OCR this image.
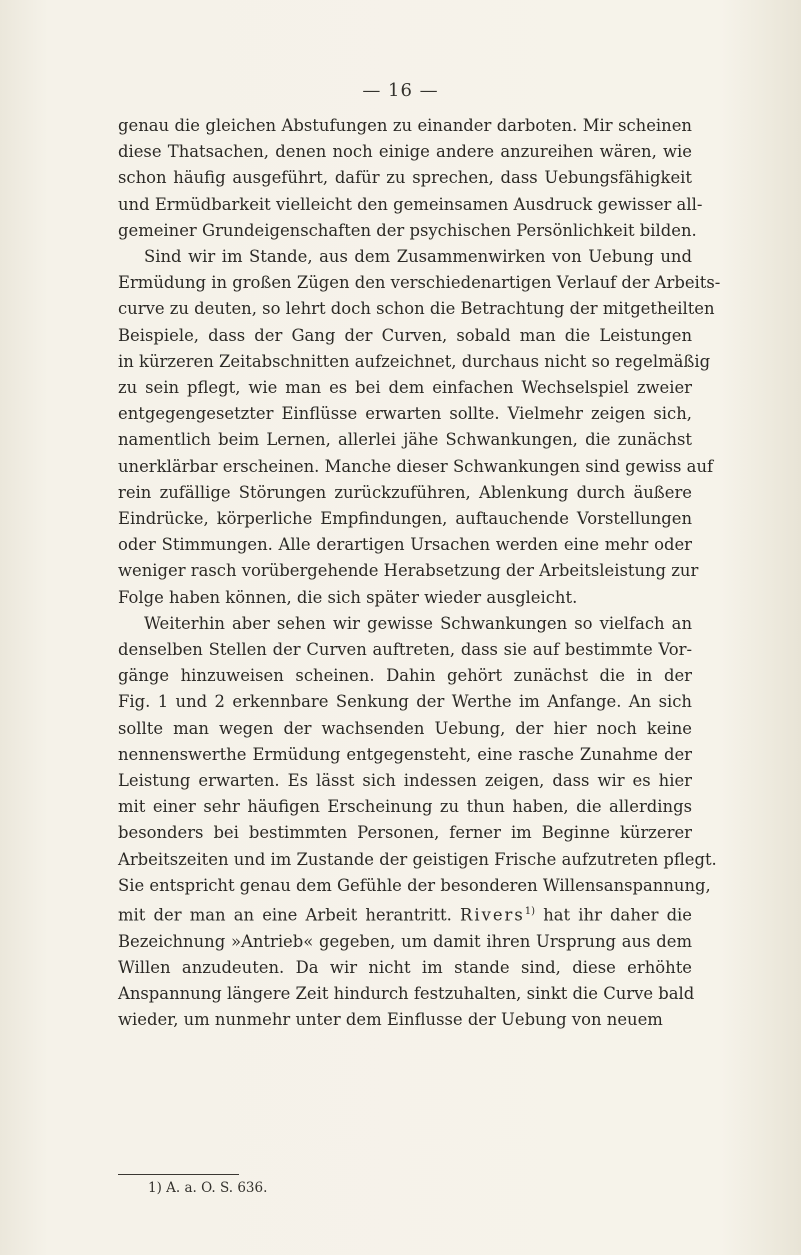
— 16 —
genau die gleichen Abstufungen zu einander darboten. Mir scheinen
diese Thatsachen, denen noch einige andere anzureihen wären, wie
schon häufig ausgeführt, dafür zu sprechen, dass Uebungsfähigkeit
und Ermüdbarkeit vielleicht den gemeinsamen Ausdruck gewisser all-
gemeiner Grundeigenschaften der psychischen Persönlichkeit bilden.
Sind wir im Stande, aus dem Zusammenwirken von Uebung und
Ermüdung in großen Zügen den verschiedenartigen Verlauf der Arbeits-
curve zu deuten, so lehrt doch schon die Betrachtung der mitgetheilten
Beispiele, dass der Gang der Curven, sobald man die Leistungen
in kürzeren Zeitabschnitten aufzeichnet, durchaus nicht so regelmäßig
zu sein pflegt, wie man es bei dem einfachen Wechselspiel zweier
entgegengesetzter Einflüsse erwarten sollte. Vielmehr zeigen sich,
namentlich beim Lernen, allerlei jähe Schwankungen, die zunächst
unerklärbar erscheinen. Manche dieser Schwankungen sind gewiss auf
rein zufällige Störungen zurückzuführen, Ablenkung durch äußere
Eindrücke, körperliche Empfindungen, auftauchende Vorstellungen
oder Stimmungen. Alle derartigen Ursachen werden eine mehr oder
weniger rasch vorübergehende Herabsetzung der Arbeitsleistung zur
Folge haben können, die sich später wieder ausgleicht.
Weiterhin aber sehen wir gewisse Schwankungen so vielfach an
denselben Stellen der Curven auftreten, dass sie auf bestimmte Vor-
gänge hinzuweisen scheinen. Dahin gehört zunächst die in der
Fig. 1 und 2 erkennbare Senkung der Werthe im Anfange. An sich
sollte man wegen der wachsenden Uebung, der hier noch keine
nennenswerthe Ermüdung entgegensteht, eine rasche Zunahme der
Leistung erwarten. Es lässt sich indessen zeigen, dass wir es hier
mit einer sehr häufigen Erscheinung zu thun haben, die allerdings
besonders bei bestimmten Personen, ferner im Beginne kürzerer
Arbeitszeiten und im Zustande der geistigen Frische aufzutreten pflegt.
Sie entspricht genau dem Gefühle der besonderen Willensanspannung,
mit der man an eine Arbeit herantritt. Rivers$^{1)}$ hat ihr daher die
Bezeichnung »Antrieb« gegeben, um damit ihren Ursprung aus dem
Willen anzudeuten. Da wir nicht im stande sind, diese erhöhte
Anspannung längere Zeit hindurch festzuhalten, sinkt die Curve bald
wieder, um nunmehr unter dem Einflusse der Uebung von neuem
1) A. a. O. S. 636.
